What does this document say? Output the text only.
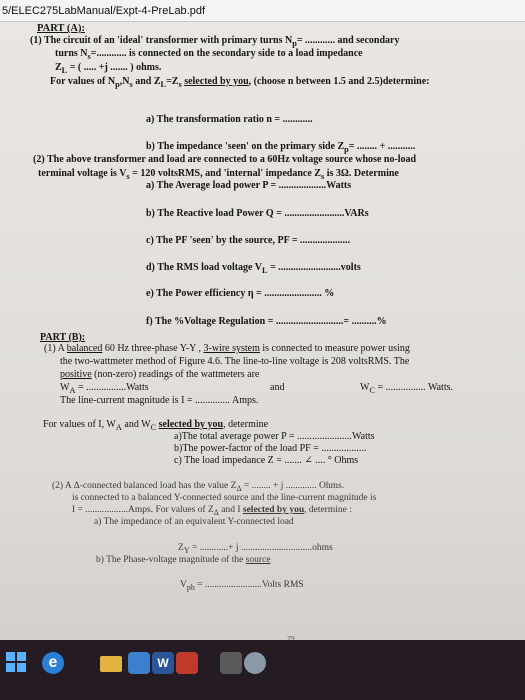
5/ELEC275LabManual/Expt-4-PreLab.pdf
PART (A):
(1) The circuit of an 'ideal' transformer with primary turns $N_p=$ ............ and secondary
turns $N_s=$............ is connected on the secondary side to a load impedance
$Z_L$ = ( ..... +j ....... ) ohms.
For values of $N_p,N_s$ and $Z_L=Z_s$ selected by you, (choose n between 1.5 and 2.5)determine:
a) The transformation ratio n = ............
b) The impedance 'seen' on the primary side $Z_p=$ ........ + ...........
(2) The above transformer and load are connected to a 60Hz voltage source whose no-load
terminal voltage is $V_s = 120$ voltsRMS, and 'internal' impedance $Z_s$ is 3Ω. Determine
a) The Average load power P = ...................Watts
b) The Reactive load Power Q = ........................VARs
c) The PF 'seen' by the source, PF = ....................
d) The RMS load voltage $V_L$ = .........................volts
e) The Power efficiency η = ....................... %
f) The %Voltage Regulation = ...........................= ..........%
PART (B):
(1) A balanced 60 Hz three-phase Y-Y , 3-wire system is connected to measure power using
the two-wattmeter method of Figure 4.6. The line-to-line voltage is 208 voltsRMS. The
positive (non-zero) readings of the wattmeters are
$W_A$ = ................Watts	and	$W_C$ = ................ Watts.
The line-current magnitude is I = .............. Amps.
For values of I, $W_A$ and $W_C$ selected by you, determine
a)The total average power P = ......................Watts
b)The power-factor of the load PF = ..................
c) The load impedance Z = ....... ∠ .... ° Ohms
(2) A Δ-connected balanced load has the value $Z_\Delta$ = ........ + j ............. Ohms.
is connected to a balanced Y-connected source and the line-current magnitude is
I = ..................Amps. For values of $Z_\Delta$ and I selected by you, determine :
a) The impedance of an equivalent Y-connected load
$Z_Y$ = ............+ j ..............................ohms
b) The Phase-voltage magnitude of the source
$V_{ph}$ = ........................Volts RMS
79
e	W
